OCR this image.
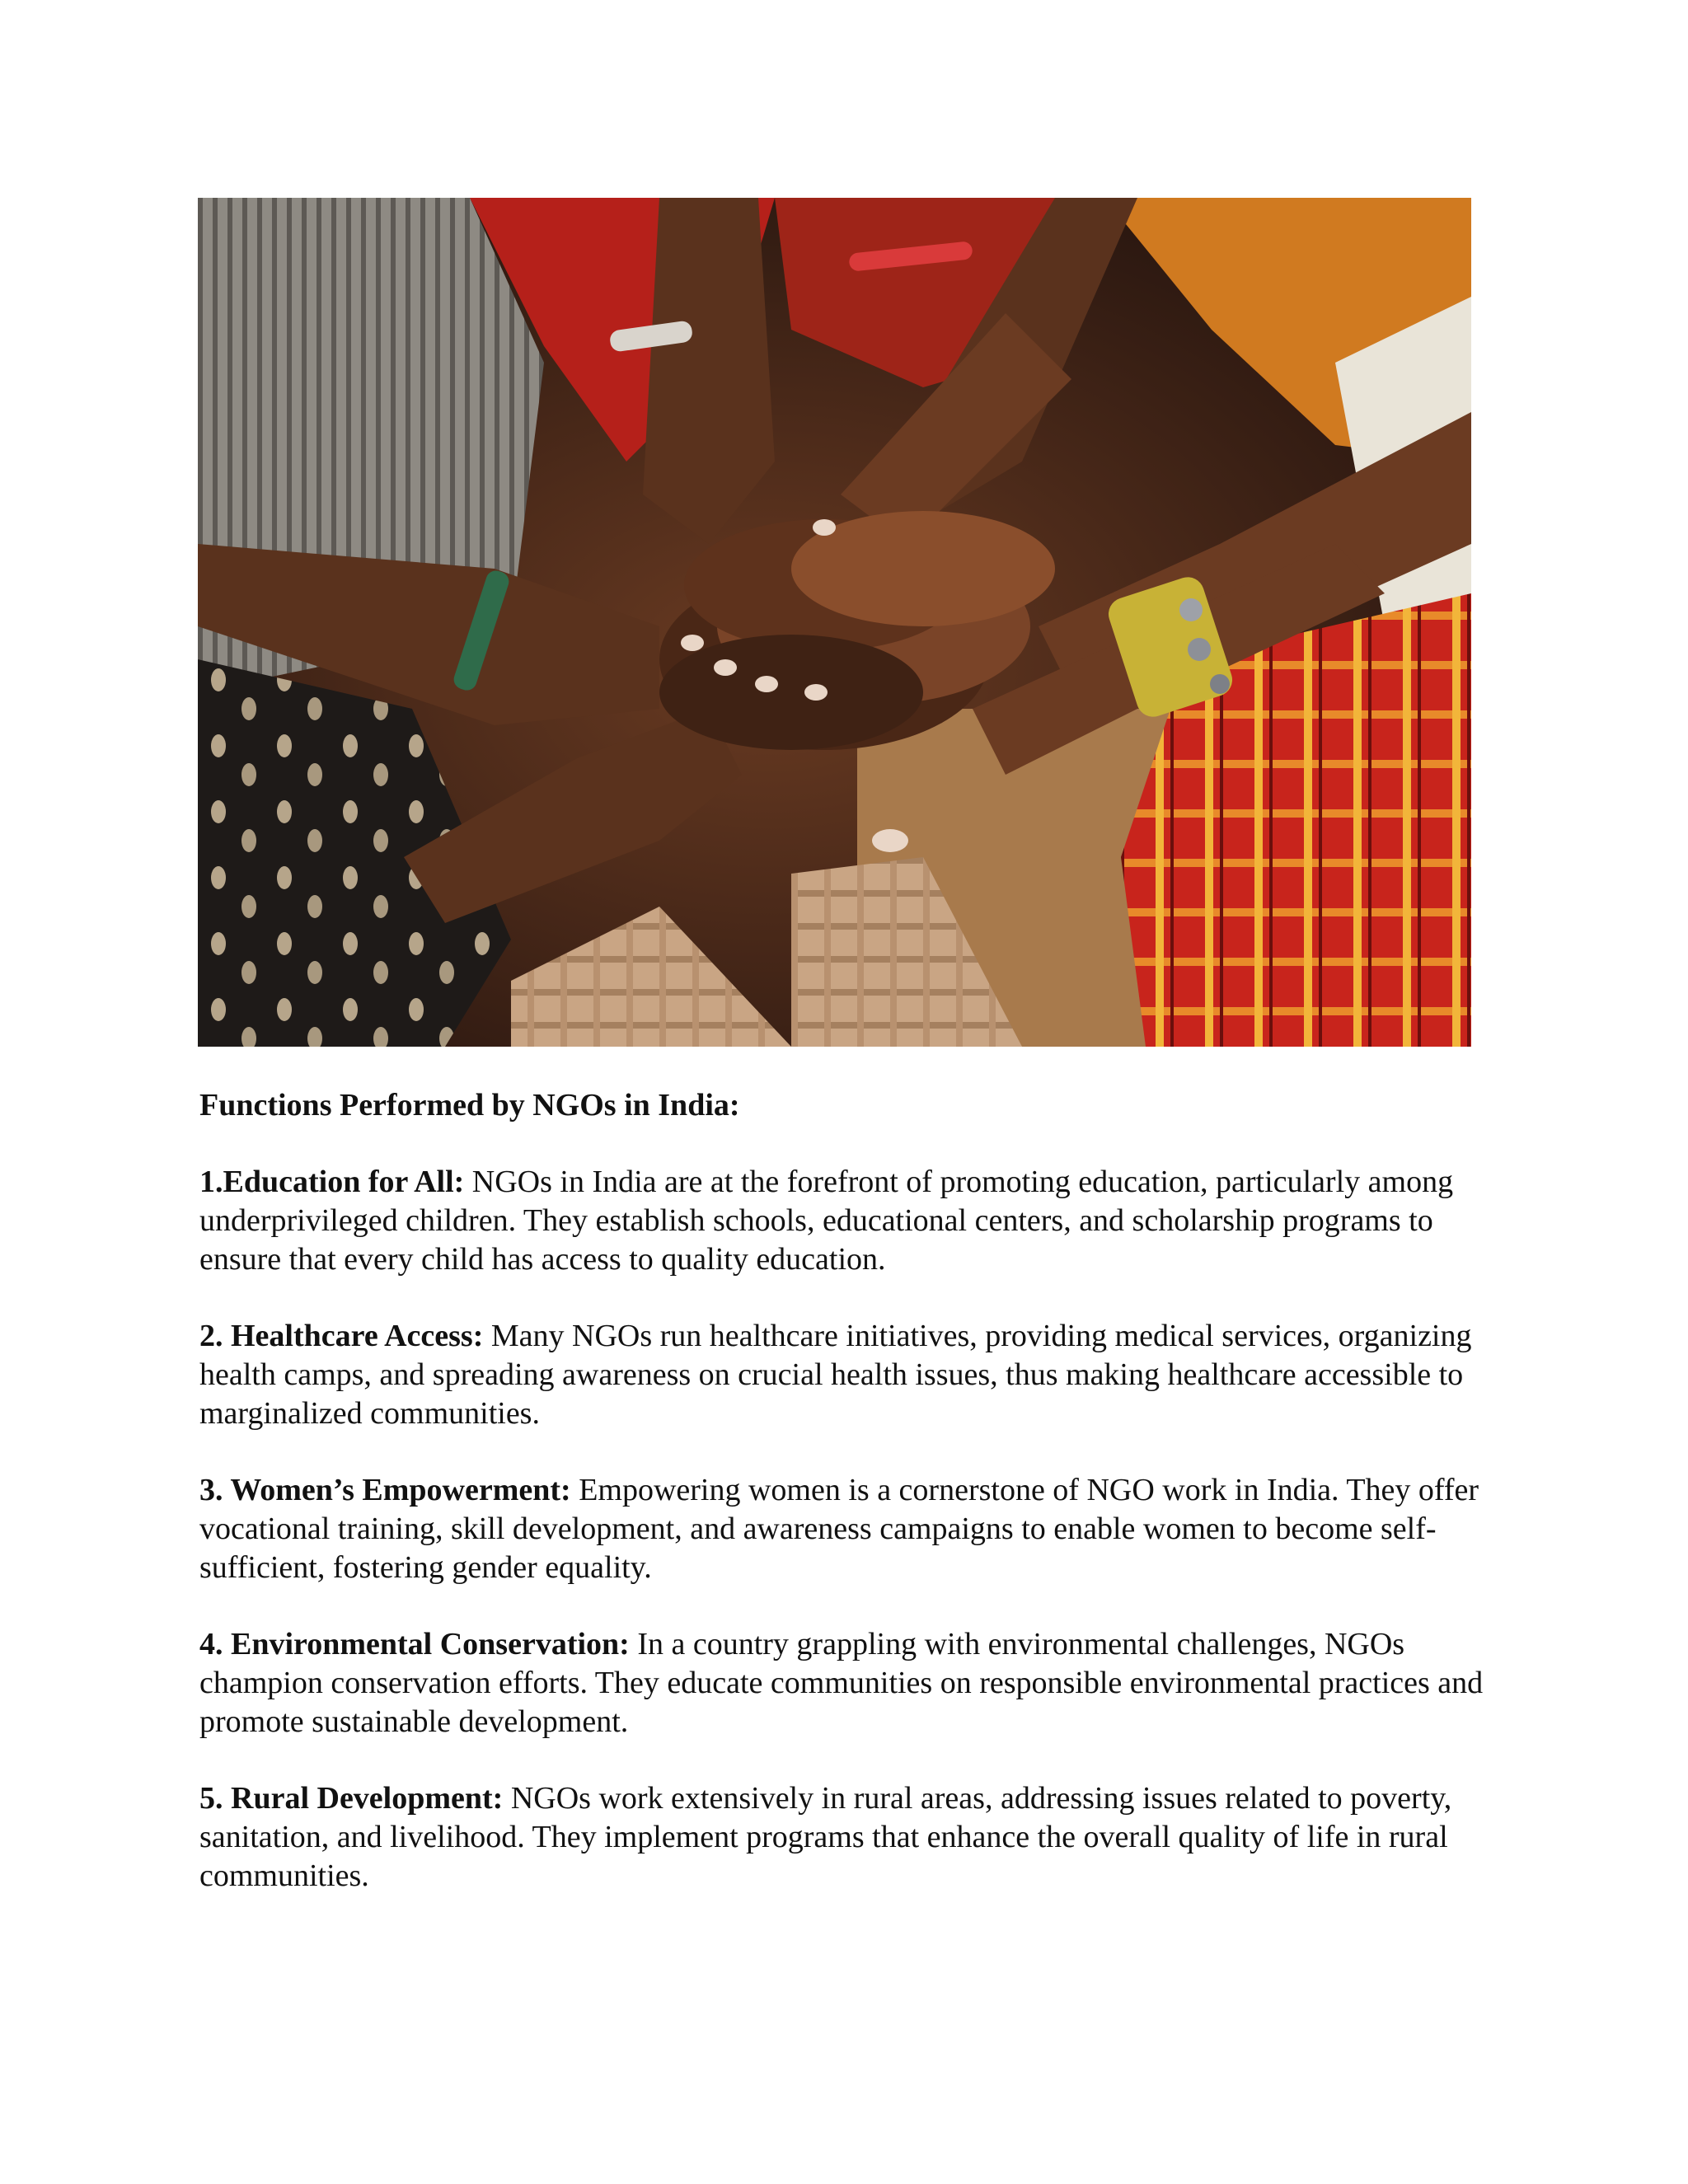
Functions Performed by NGOs in India:

1.Education for All: NGOs in India are at the forefront of promoting education, particularly among underprivileged children. They establish schools, educational centers, and scholarship programs to ensure that every child has access to quality education.

2. Healthcare Access: Many NGOs run healthcare initiatives, providing medical services, organizing health camps, and spreading awareness on crucial health issues, thus making healthcare accessible to marginalized communities.

3. Women’s Empowerment: Empowering women is a cornerstone of NGO work in India. They offer vocational training, skill development, and awareness campaigns to enable women to become self-sufficient, fostering gender equality.

4. Environmental Conservation: In a country grappling with environmental challenges, NGOs champion conservation efforts. They educate communities on responsible environmental practices and promote sustainable development.

5. Rural Development: NGOs work extensively in rural areas, addressing issues related to poverty, sanitation, and livelihood. They implement programs that enhance the overall quality of life in rural communities.
